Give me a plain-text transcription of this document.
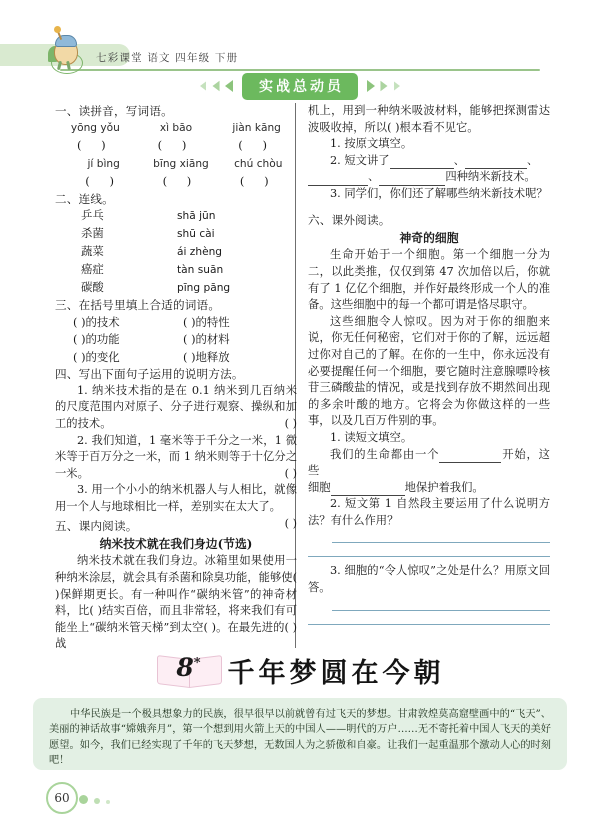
七彩课堂 语文 四年级 下册
实战总动员
一、读拼音，写词语。
yōng yǒu	xì bāo	jiàn kāng
( )	( )	( )
jí bìng	bīng xiāng	chú chòu
( )	( )	( )
二、连线。
乒乓	shā jūn
杀菌	shū cài
蔬菜	ái zhèng
癌症	tàn suān
碳酸	pīng pāng
三、在括号里填上合适的词语。
( )的技术	( )的特性
( )的功能	( )的材料
( )的变化	( )地释放
四、写出下面句子运用的说明方法。
1. 纳米技术指的是在 0.1 纳米到几百纳米的尺度范围内对原子、分子进行观察、操纵和加工的技术。	( )
2. 我们知道，1 毫米等于千分之一米，1 微米等于百万分之一米，而 1 纳米则等于十亿分之一米。	( )
3. 用一个小小的纳米机器人与人相比，就像用一个人与地球相比一样，差别实在太大了。
( )
五、课内阅读。
纳米技术就在我们身边(节选)
纳米技术就在我们身边。冰箱里如果使用一种纳米涂层，就会具有杀菌和除臭功能，能够使( )保鲜期更长。有一种叫作“碳纳米管”的神奇材料，比( )结实百倍，而且非常轻，将来我们有可能坐上“碳纳米管天梯”到太空( )。在最先进的( )战
机上，用到一种纳米吸波材料，能够把探测雷达波吸收掉，所以( )根本看不见它。
1. 按原文填空。
2. 短文讲了	、	、
、	四种纳米新技术。
3. 同学们，你们还了解哪些纳米新技术呢？
六、课外阅读。
神奇的细胞
生命开始于一个细胞。第一个细胞一分为二，以此类推，仅仅到第 47 次加倍以后，你就有了 1 亿亿个细胞，并作好最终形成一个人的准备。这些细胞中的每一个都可谓是恪尽职守。
这些细胞令人惊叹。因为对于你的细胞来说，你无任何秘密，它们对于你的了解，远远超过你对自己的了解。在你的一生中，你永远没有必要提醒任何一个细胞，要它随时注意腺嘌呤核苷三磷酸盐的情况，或是找到存放不期然间出现的多余叶酸的地方。它将会为你做这样的一些事，以及几百万件别的事。
1. 读短文填空。
我们的生命都由一个	开始，这些
细胞	地保护着我们。
2. 短文第 1 自然段主要运用了什么说明方法？有什么作用？
3. 细胞的“令人惊叹”之处是什么？用原文回答。
8* 千年梦圆在今朝

中华民族是一个极具想象力的民族，很早很早以前就曾有过飞天的梦想。甘肃敦煌莫高窟壁画中的“飞天”、美丽的神话故事“嫦娥奔月”，第一个想到用火箭上天的中国人——明代的万户……无不寄托着中国人飞天的美好愿望。如今，我们已经实现了千年的飞天梦想，无数国人为之骄傲和自豪。让我们一起重温那个激动人心的时刻吧！

60
